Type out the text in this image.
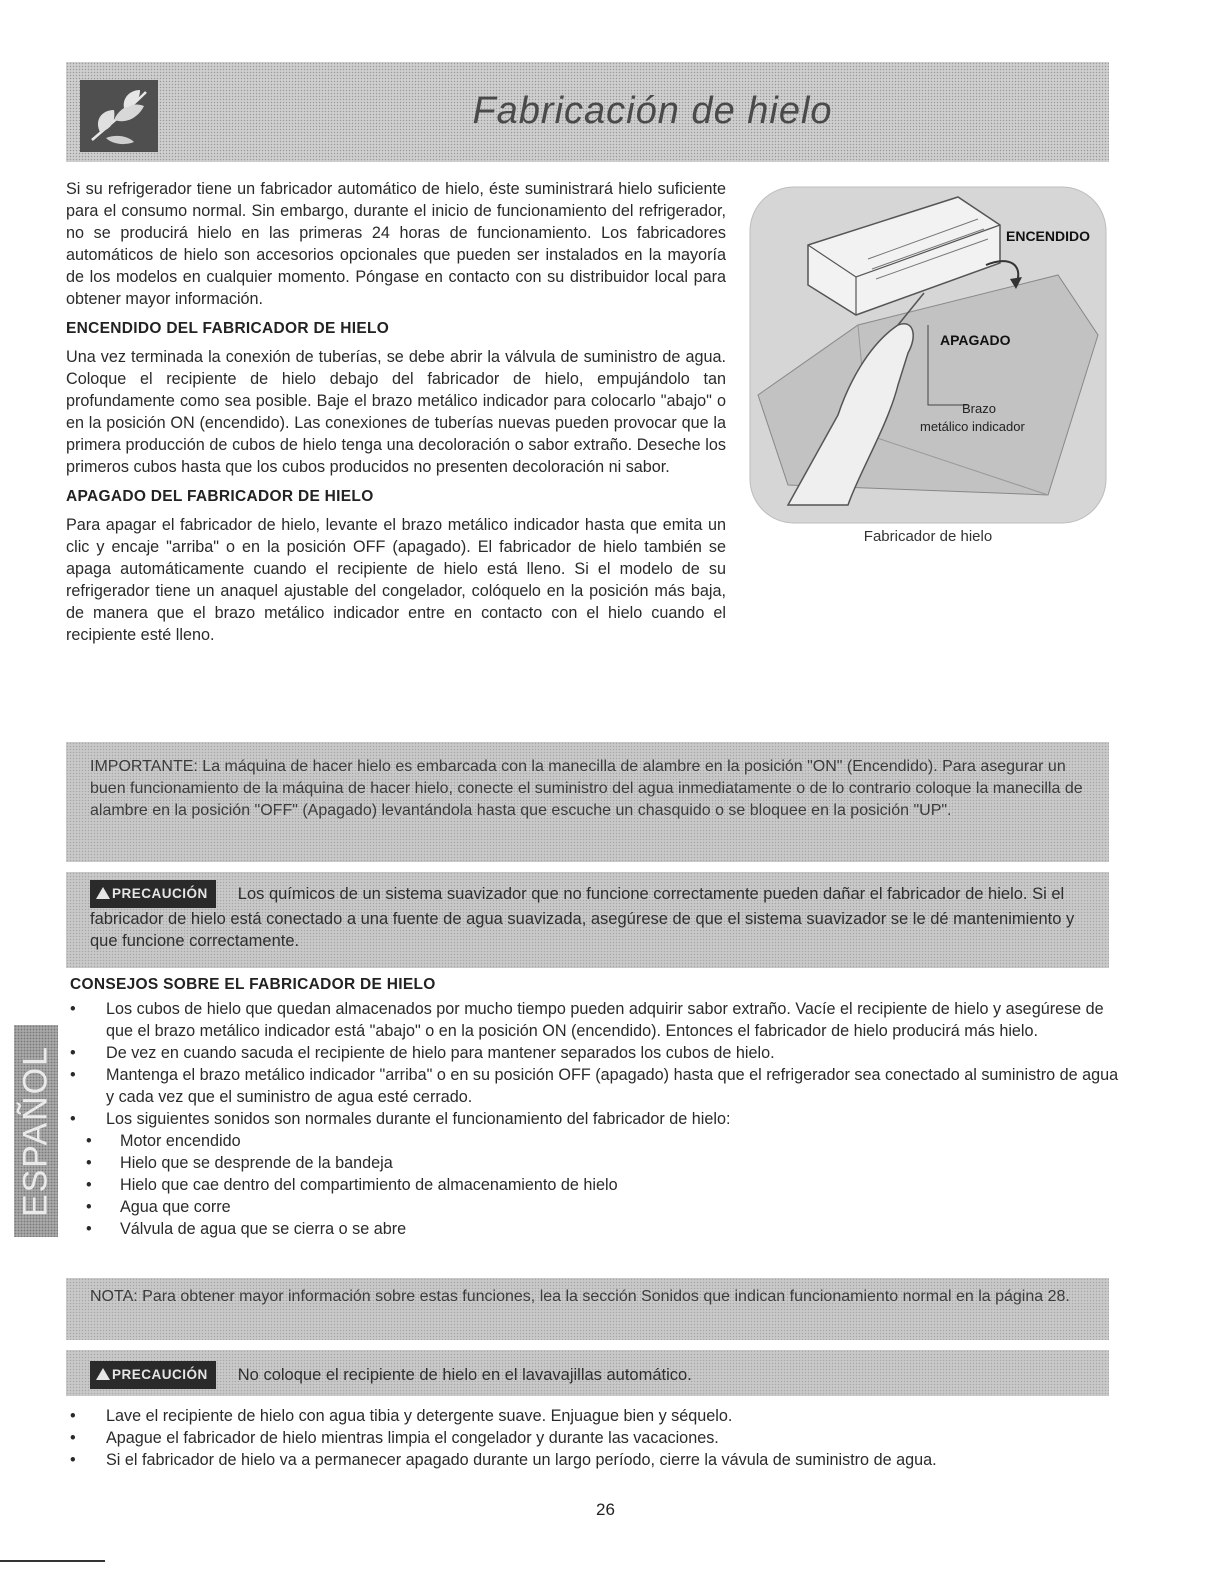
Fabricación de hielo

Si su refrigerador tiene un fabricador automático de hielo, éste suministrará hielo suficiente para el consumo normal. Sin embargo, durante el inicio de funcionamiento del refrigerador, no se producirá hielo en las primeras 24 horas de funcionamiento. Los fabricadores automáticos de hielo son accesorios opcionales que pueden ser instalados en la mayoría de los modelos en cualquier momento. Póngase en contacto con su distribuidor local para obtener mayor información.

ENCENDIDO DEL FABRICADOR DE HIELO

Una vez terminada la conexión de tuberías, se debe abrir la válvula de suministro de agua. Coloque el recipiente de hielo debajo del fabricador de hielo, empujándolo tan profundamente como sea posible. Baje el brazo metálico indicador para colocarlo "abajo" o en la posición ON (encendido). Las conexiones de tuberías nuevas pueden provocar que la primera producción de cubos de hielo tenga una decoloración o sabor extraño. Deseche los primeros cubos hasta que los cubos producidos no presenten decoloración ni sabor.

APAGADO DEL FABRICADOR DE HIELO

Para apagar el fabricador de hielo, levante el brazo metálico indicador hasta que emita un clic y encaje "arriba" o en la posición OFF (apagado). El fabricador de hielo también se apaga automáticamente cuando el recipiente de hielo está lleno. Si el modelo de su refrigerador tiene un anaquel ajustable del congelador, colóquelo en la posición más baja, de manera que el brazo metálico indicador entre en contacto con el hielo cuando el recipiente esté lleno.

ENCENDIDO
APAGADO
Brazo
metálico indicador
Fabricador de hielo
IMPORTANTE: La máquina de hacer hielo es embarcada con la manecilla de alambre en la posición "ON" (Encendido). Para asegurar un buen funcionamiento de la máquina de hacer hielo, conecte el suministro del agua inmediatamente o de lo contrario coloque la manecilla de alambre en la posición "OFF" (Apagado) levantándola hasta que escuche un chasquido o se bloquee en la posición "UP".
PRECAUCIÓN Los químicos de un sistema suavizador que no funcione correctamente pueden dañar el fabricador de hielo. Si el fabricador de hielo está conectado a una fuente de agua suavizada, asegúrese de que el sistema suavizador se le dé mantenimiento y que funcione correctamente.
CONSEJOS SOBRE EL FABRICADOR DE HIELO
• Los cubos de hielo que quedan almacenados por mucho tiempo pueden adquirir sabor extraño. Vacíe el recipiente de hielo y asegúrese de que el brazo metálico indicador está "abajo" o en la posición ON (encendido). Entonces el fabricador de hielo producirá más hielo.
• De vez en cuando sacuda el recipiente de hielo para mantener separados los cubos de hielo.
• Mantenga el brazo metálico indicador "arriba" o en su posición OFF (apagado) hasta que el refrigerador sea conectado al suministro de agua y cada vez que el suministro de agua esté cerrado.
• Los siguientes sonidos son normales durante el funcionamiento del fabricador de hielo:
• Motor encendido
• Hielo que se desprende de la bandeja
• Hielo que cae dentro del compartimiento de almacenamiento de hielo
• Agua que corre
• Válvula de agua que se cierra o se abre
NOTA: Para obtener mayor información sobre estas funciones, lea la sección Sonidos que indican funcionamiento normal en la página 28.
PRECAUCIÓN No coloque el recipiente de hielo en el lavavajillas automático.
• Lave el recipiente de hielo con agua tibia y detergente suave. Enjuague bien y séquelo.
• Apague el fabricador de hielo mientras limpia el congelador y durante las vacaciones.
• Si el fabricador de hielo va a permanecer apagado durante un largo período, cierre la vávula de suministro de agua.
ESPAÑOL
26
